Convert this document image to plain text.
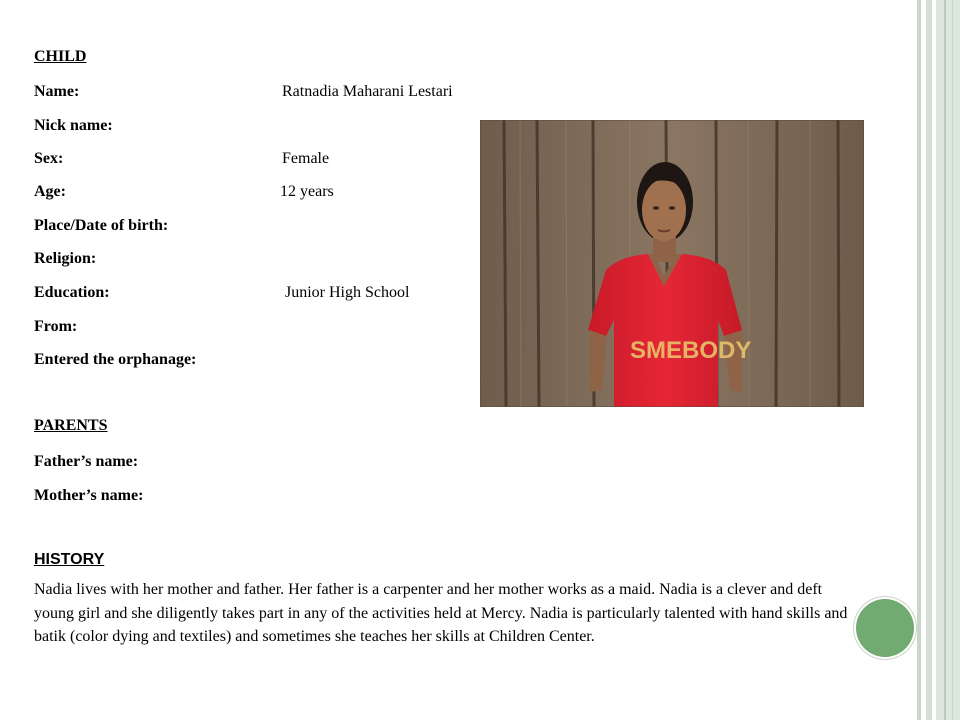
CHILD
Name:	Ratnadia Maharani Lestari
Nick name:
Sex:	Female
Age:	12 years
Place/Date of birth:
Religion:
Education:	Junior High School
From:
Entered the orphanage:
PARENTS
Father’s name:
Mother’s name:
HISTORY
Nadia lives with her mother and father. Her father is a carpenter and her mother works as a maid. Nadia is a clever and deft young girl and she diligently takes part in any of the activities held at Mercy. Nadia is particularly talented with hand skills and batik (color dying and textiles) and sometimes she teaches her skills at Children Center.
SMEBODY
